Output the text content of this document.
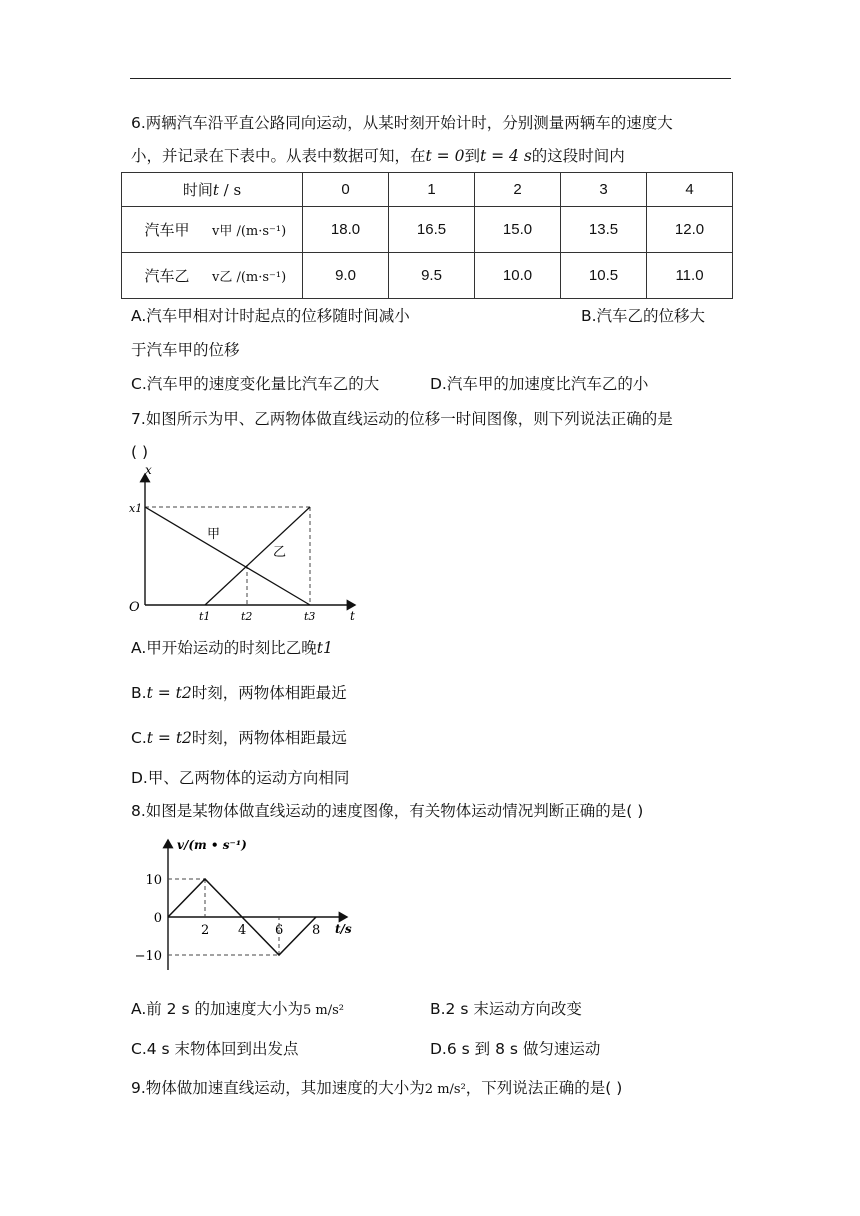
6.两辆汽车沿平直公路同向运动，从某时刻开始计时，分别测量两辆车的速度大
小，并记录在下表中。从表中数据可知，在t = 0到t = 4 s的这段时间内
时间t / s		0	1	2	3	4
汽车甲	v甲 /(m·s⁻¹)	18.0	16.5	15.0	13.5	12.0
汽车乙	v乙 /(m·s⁻¹)	9.0	9.5	10.0	10.5	11.0
A.汽车甲相对计时起点的位移随时间减小	B.汽车乙的位移大
于汽车甲的位移
C.汽车甲的速度变化量比汽车乙的大	D.汽车甲的加速度比汽车乙的小
7.如图所示为甲、乙两物体做直线运动的位移一时间图像，则下列说法正确的是
( )
x
t
O
x1
t1	t2	t3
甲
乙
A.甲开始运动的时刻比乙晚t1
B.t = t2时刻，两物体相距最近
C.t = t2时刻，两物体相距最远
D.甲、乙两物体的运动方向相同
8.如图是某物体做直线运动的速度图像，有关物体运动情况判断正确的是( )
v/(m • s⁻¹)
t/s
2 4 6 8
10
0
−10
A.前 2 s 的加速度大小为5 m/s²	B.2 s 末运动方向改变
C.4 s 末物体回到出发点	D.6 s 到 8 s 做匀速运动
9.物体做加速直线运动，其加速度的大小为2 m/s²，下列说法正确的是( )
